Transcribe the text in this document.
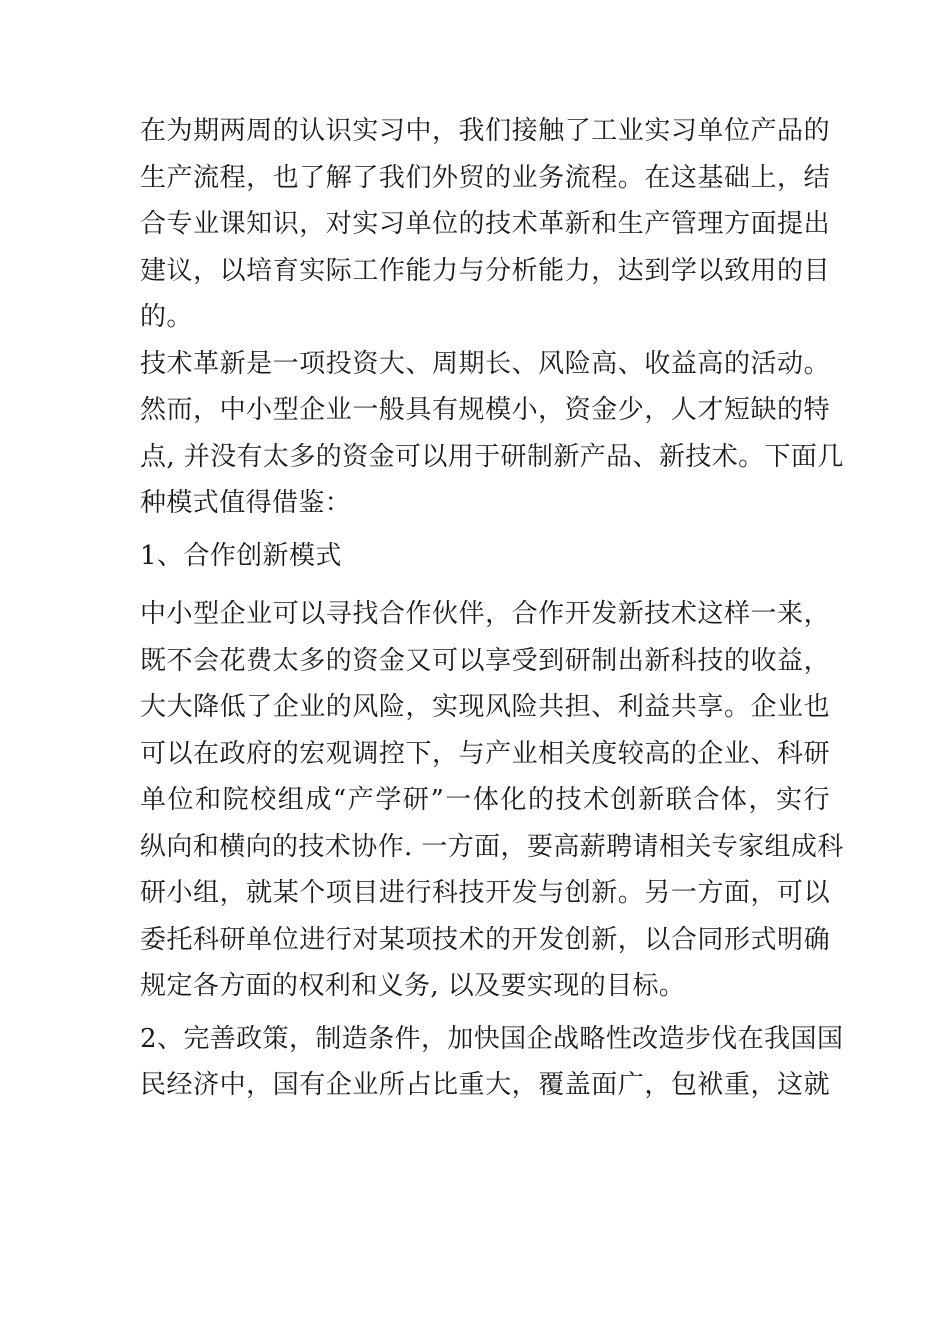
在为期两周的认识实习中，我们接触了工业实习单位产品的
生产流程，也了解了我们外贸的业务流程。在这基础上，结
合专业课知识，对实习单位的技术革新和生产管理方面提出
建议，以培育实际工作能力与分析能力，达到学以致用的目
的。

技术革新是一项投资大、周期长、风险高、收益高的活动。
然而，中小型企业一般具有规模小，资金少，人才短缺的特
点, 并没有太多的资金可以用于研制新产品、新技术。下面几
种模式值得借鉴：

1、合作创新模式

中小型企业可以寻找合作伙伴，合作开发新技术这样一来，
既不会花费太多的资金又可以享受到研制出新科技的收益，
大大降低了企业的风险，实现风险共担、利益共享。企业也
可以在政府的宏观调控下，与产业相关度较高的企业、科研
单位和院校组成“产学研”一体化的技术创新联合体，实行
纵向和横向的技术协作. 一方面，要高薪聘请相关专家组成科
研小组，就某个项目进行科技开发与创新。另一方面，可以
委托科研单位进行对某项技术的开发创新，以合同形式明确
规定各方面的权利和义务, 以及要实现的目标。

2、完善政策，制造条件，加快国企战略性改造步伐在我国国
民经济中，国有企业所占比重大，覆盖面广，包袱重，这就
